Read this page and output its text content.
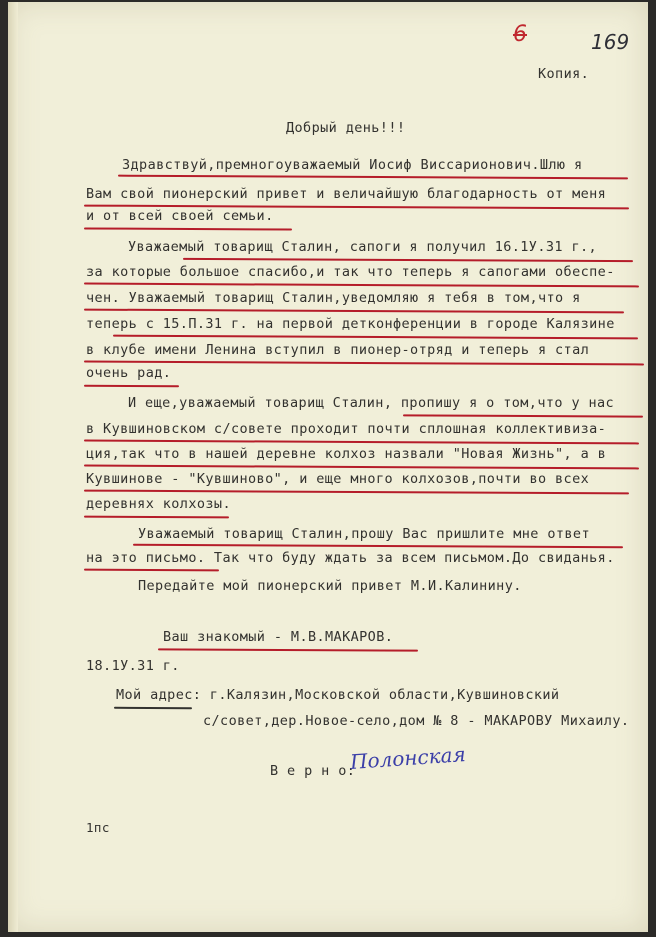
6	169
Копия.
Добрый день!!!
Здравствуй,премногоуважаемый Иосиф Виссарионович.Шлю я
Вам свой пионерский привет и величайшую благодарность от меня
и от всей своей семьи.
Уважаемый товарищ Сталин, сапоги я получил 16.1У.31 г.,
за которые большое спасибо,и так что теперь я сапогами обеспе-
чен. Уважаемый товарищ Сталин,уведомляю я тебя в том,что я
теперь с 15.П.31 г. на первой детконференции в городе Калязине
в клубе имени Ленина вступил в пионер-отряд и теперь я стал
очень рад.
И еще,уважаемый товарищ Сталин, пропишу я о том,что у нас
в Кувшиновском с/совете проходит почти сплошная коллективиза-
ция,так что в нашей деревне колхоз назвали "Новая Жизнь", а в
Кувшинове - "Кувшиново", и еще много колхозов,почти во всех
деревнях колхозы.
Уважаемый товарищ Сталин,прошу Вас пришлите мне ответ
на это письмо. Так что буду ждать за всем письмом.До свиданья.
Передайте мой пионерский привет М.И.Калинину.
Ваш знакомый - М.В.МАКАРОВ.
18.1У.31 г.
Мой адрес: г.Калязин,Московской области,Кувшиновский
с/совет,дер.Новое-село,дом № 8 - МАКАРОВУ Михаилу.
В е р н о:
Полонская
1пс
